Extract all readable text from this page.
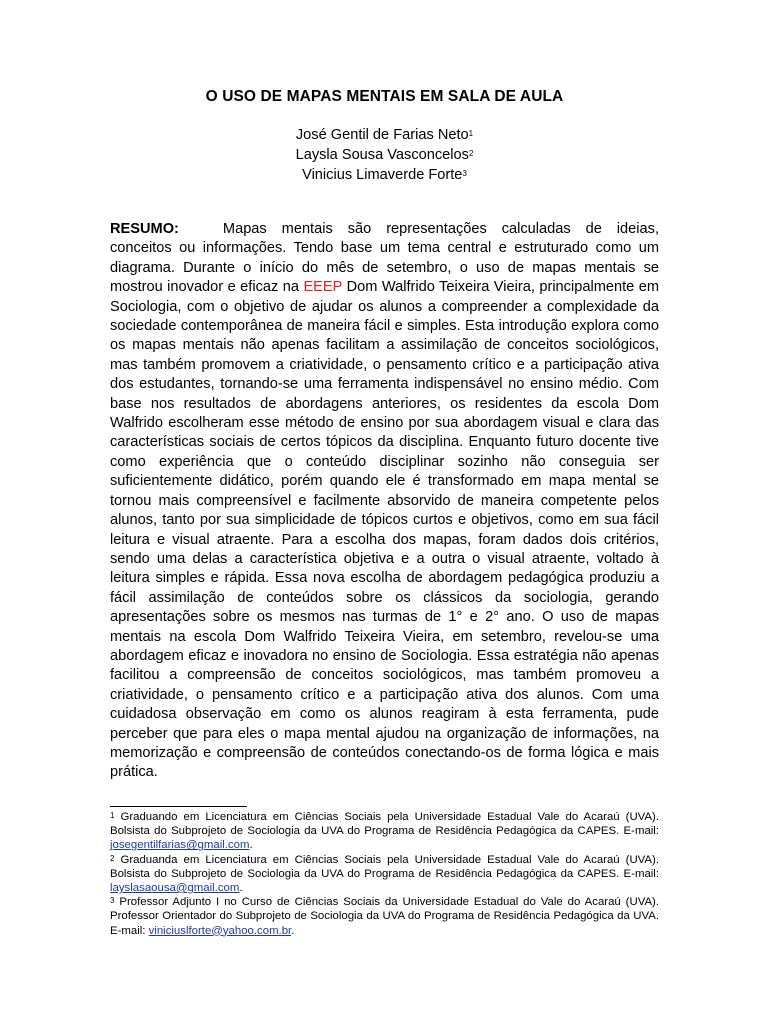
O USO DE MAPAS MENTAIS EM SALA DE AULA
José Gentil de Farias Neto$^1$
Laysla Sousa Vasconcelos$^2$
Vinicius Limaverde Forte$^3$

RESUMO:	Mapas mentais são representações calculadas de ideias, conceitos ou informações. Tendo base um tema central e estruturado como um diagrama. Durante o início do mês de setembro, o uso de mapas mentais se mostrou inovador e eficaz na EEEP Dom Walfrido Teixeira Vieira, principalmente em Sociologia, com o objetivo de ajudar os alunos a compreender a complexidade da sociedade contemporânea de maneira fácil e simples. Esta introdução explora como os mapas mentais não apenas facilitam a assimilação de conceitos sociológicos, mas também promovem a criatividade, o pensamento crítico e a participação ativa dos estudantes, tornando-se uma ferramenta indispensável no ensino médio. Com base nos resultados de abordagens anteriores, os residentes da escola Dom Walfrido escolheram esse método de ensino por sua abordagem visual e clara das características sociais de certos tópicos da disciplina. Enquanto futuro docente tive como experiência que o conteúdo disciplinar sozinho não conseguia ser suficientemente didático, porém quando ele é transformado em mapa mental se tornou mais compreensível e facilmente absorvido de maneira competente pelos alunos, tanto por sua simplicidade de tópicos curtos e objetivos, como em sua fácil leitura e visual atraente. Para a escolha dos mapas, foram dados dois critérios, sendo uma delas a característica objetiva e a outra o visual atraente, voltado à leitura simples e rápida. Essa nova escolha de abordagem pedagógica produziu a fácil assimilação de conteúdos sobre os clássicos da sociologia, gerando apresentações sobre os mesmos nas turmas de 1° e 2° ano. O uso de mapas mentais na escola Dom Walfrido Teixeira Vieira, em setembro, revelou-se uma abordagem eficaz e inovadora no ensino de Sociologia. Essa estratégia não apenas facilitou a compreensão de conceitos sociológicos, mas também promoveu a criatividade, o pensamento crítico e a participação ativa dos alunos. Com uma cuidadosa observação em como os alunos reagiram à esta ferramenta, pude perceber que para eles o mapa mental ajudou na organização de informações, na memorização e compreensão de conteúdos conectando-os de forma lógica e mais prática.

$^1$ Graduando em Licenciatura em Ciências Sociais pela Universidade Estadual Vale do Acaraú (UVA). Bolsista do Subprojeto de Sociologia da UVA do Programa de Residência Pedagógica da CAPES. E-mail: josegentilfarias@gmail.com.

$^2$ Graduanda em Licenciatura em Ciências Sociais pela Universidade Estadual Vale do Acaraú (UVA). Bolsista do Subprojeto de Sociologia da UVA do Programa de Residência Pedagógica da CAPES. E-mail: layslasaousa@gmail.com.

$^3$ Professor Adjunto I no Curso de Ciências Sociais da Universidade Estadual do Vale do Acaraú (UVA). Professor Orientador do Subprojeto de Sociologia da UVA do Programa de Residência Pedagógica da UVA. E-mail: viniciuslforte@yahoo.com.br.
